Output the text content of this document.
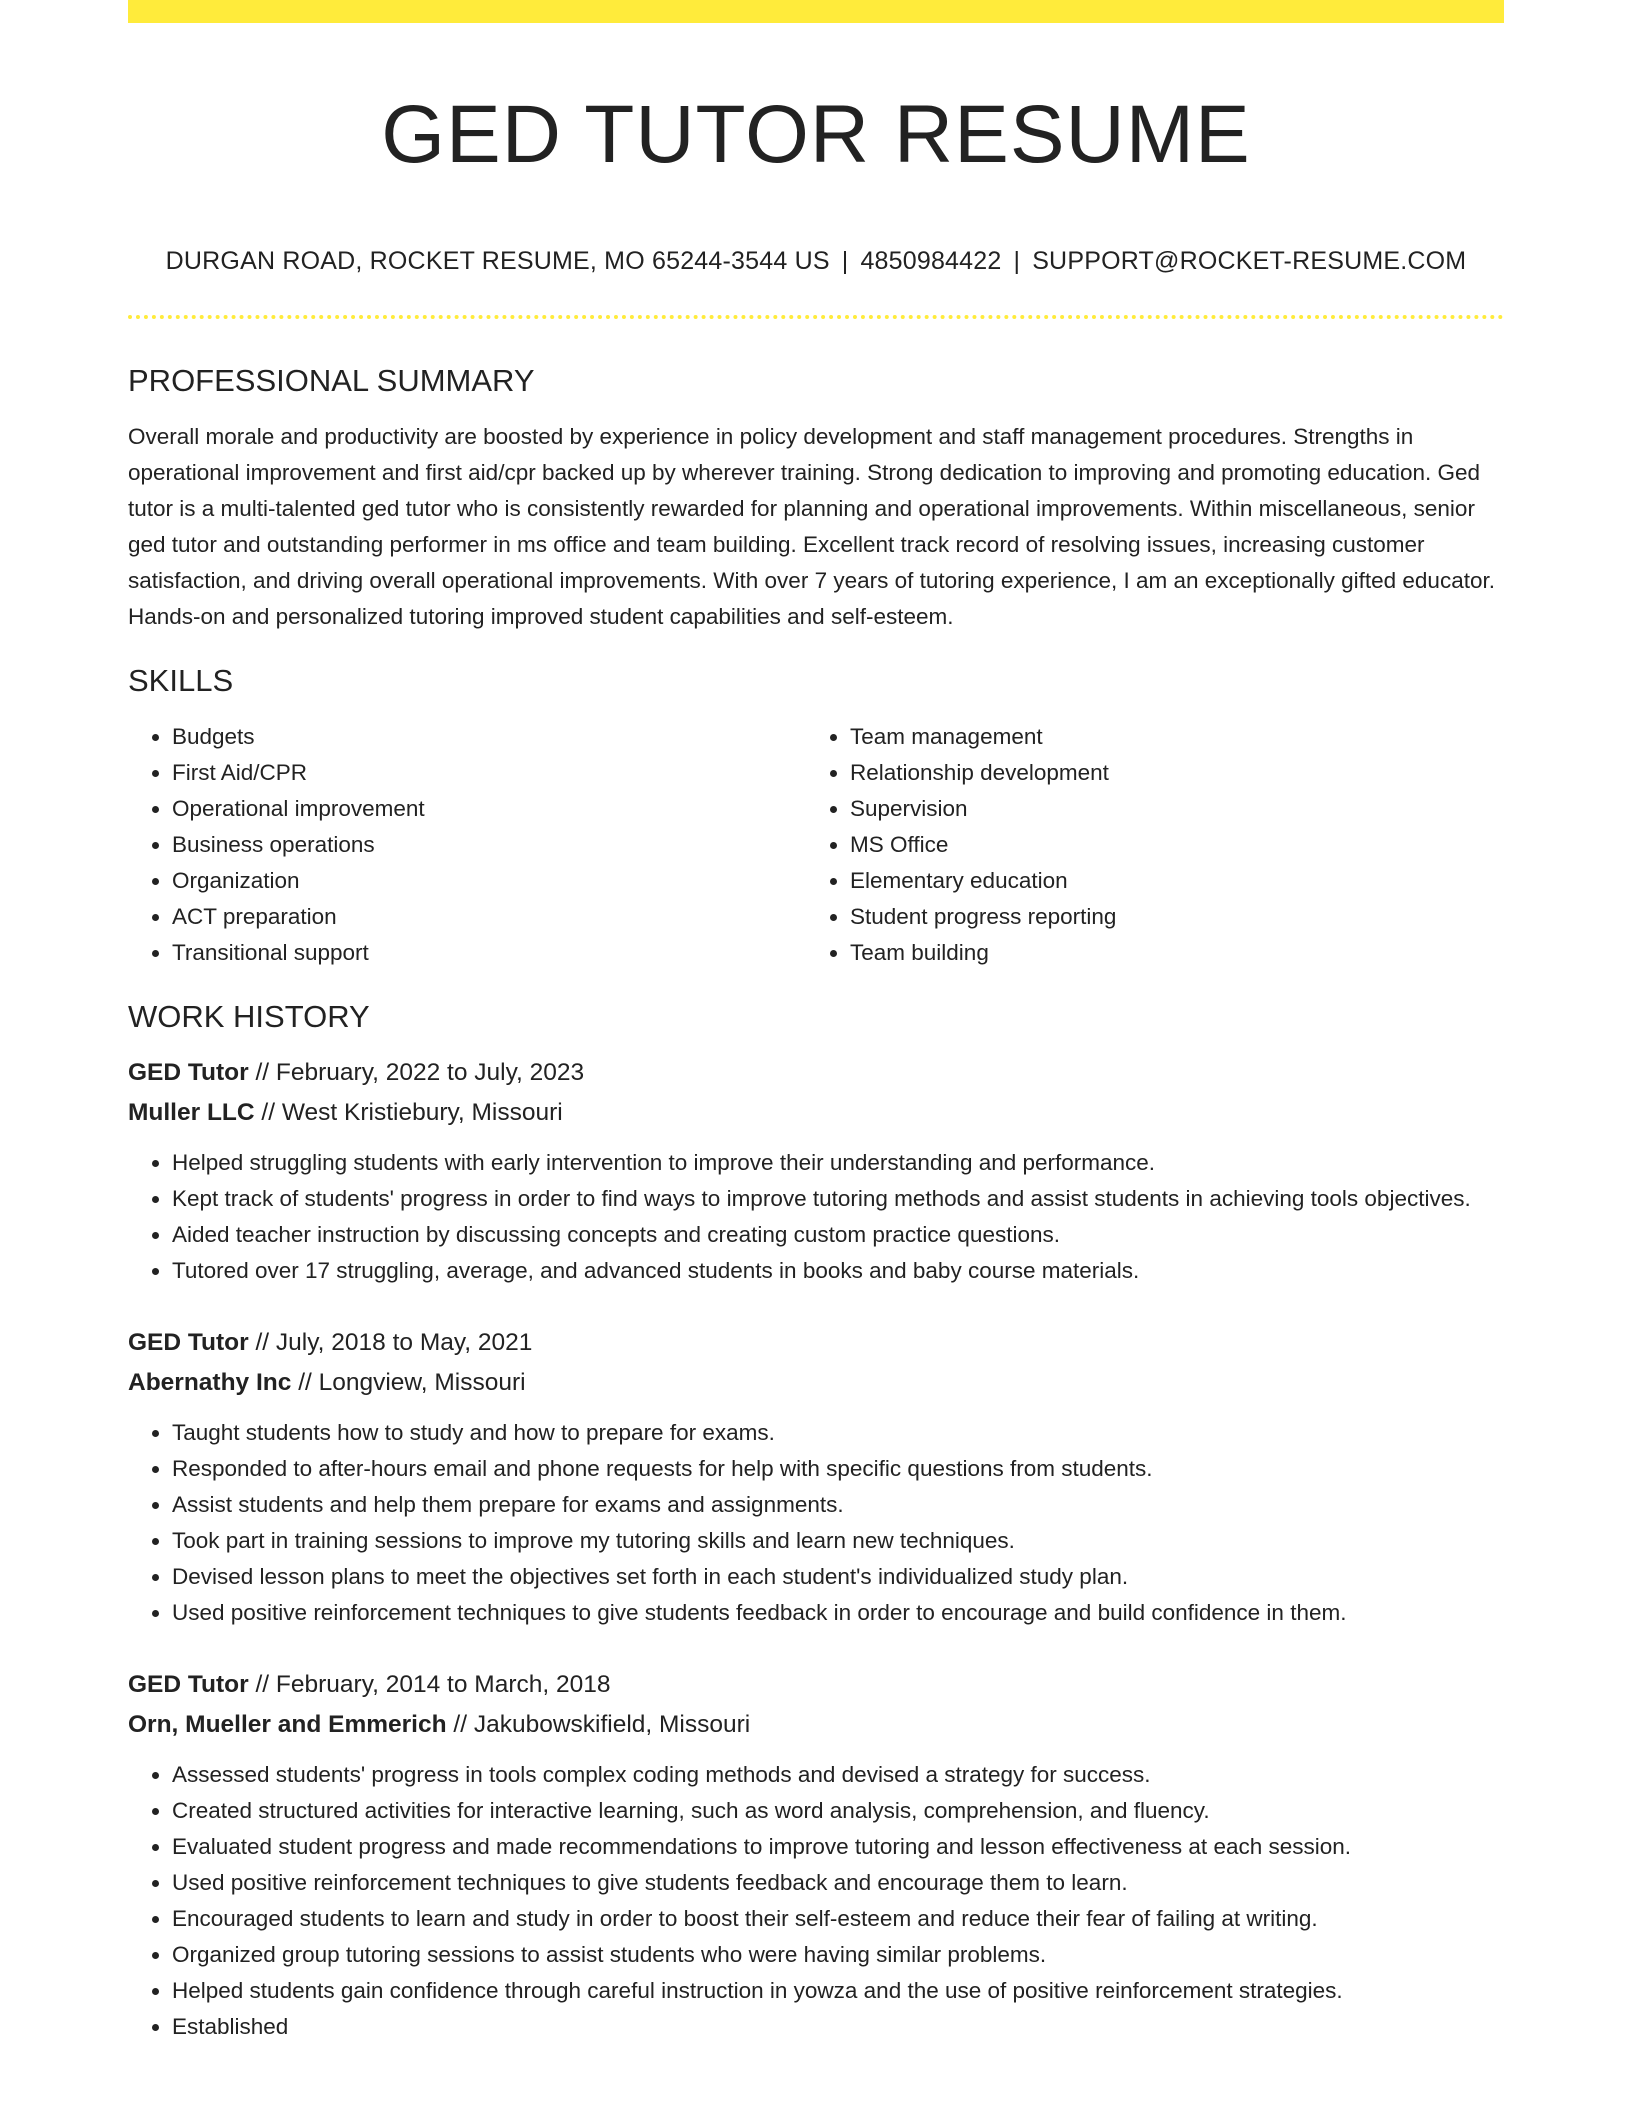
GED TUTOR RESUME
DURGAN ROAD, ROCKET RESUME, MO 65244-3544 US | 4850984422 | SUPPORT@ROCKET-RESUME.COM
PROFESSIONAL SUMMARY

Overall morale and productivity are boosted by experience in policy development and staff management procedures. Strengths in operational improvement and first aid/cpr backed up by wherever training. Strong dedication to improving and promoting education. Ged tutor is a multi-talented ged tutor who is consistently rewarded for planning and operational improvements. Within miscellaneous, senior ged tutor and outstanding performer in ms office and team building. Excellent track record of resolving issues, increasing customer satisfaction, and driving overall operational improvements. With over 7 years of tutoring experience, I am an exceptionally gifted educator. Hands-on and personalized tutoring improved student capabilities and self-esteem.

SKILLS
• Budgets
• First Aid/CPR
• Operational improvement
• Business operations
• Organization
• ACT preparation
• Transitional support
• Team management
• Relationship development
• Supervision
• MS Office
• Elementary education
• Student progress reporting
• Team building
WORK HISTORY
GED Tutor // February, 2022 to July, 2023
Muller LLC // West Kristiebury, Missouri
• Helped struggling students with early intervention to improve their understanding and performance.
• Kept track of students' progress in order to find ways to improve tutoring methods and assist students in achieving tools objectives.
• Aided teacher instruction by discussing concepts and creating custom practice questions.
• Tutored over 17 struggling, average, and advanced students in books and baby course materials.
GED Tutor // July, 2018 to May, 2021
Abernathy Inc // Longview, Missouri
• Taught students how to study and how to prepare for exams.
• Responded to after-hours email and phone requests for help with specific questions from students.
• Assist students and help them prepare for exams and assignments.
• Took part in training sessions to improve my tutoring skills and learn new techniques.
• Devised lesson plans to meet the objectives set forth in each student's individualized study plan.
• Used positive reinforcement techniques to give students feedback in order to encourage and build confidence in them.
GED Tutor // February, 2014 to March, 2018
Orn, Mueller and Emmerich // Jakubowskifield, Missouri
• Assessed students' progress in tools complex coding methods and devised a strategy for success.
• Created structured activities for interactive learning, such as word analysis, comprehension, and fluency.
• Evaluated student progress and made recommendations to improve tutoring and lesson effectiveness at each session.
• Used positive reinforcement techniques to give students feedback and encourage them to learn.
• Encouraged students to learn and study in order to boost their self-esteem and reduce their fear of failing at writing.
• Organized group tutoring sessions to assist students who were having similar problems.
• Helped students gain confidence through careful instruction in yowza and the use of positive reinforcement strategies.
• Established
